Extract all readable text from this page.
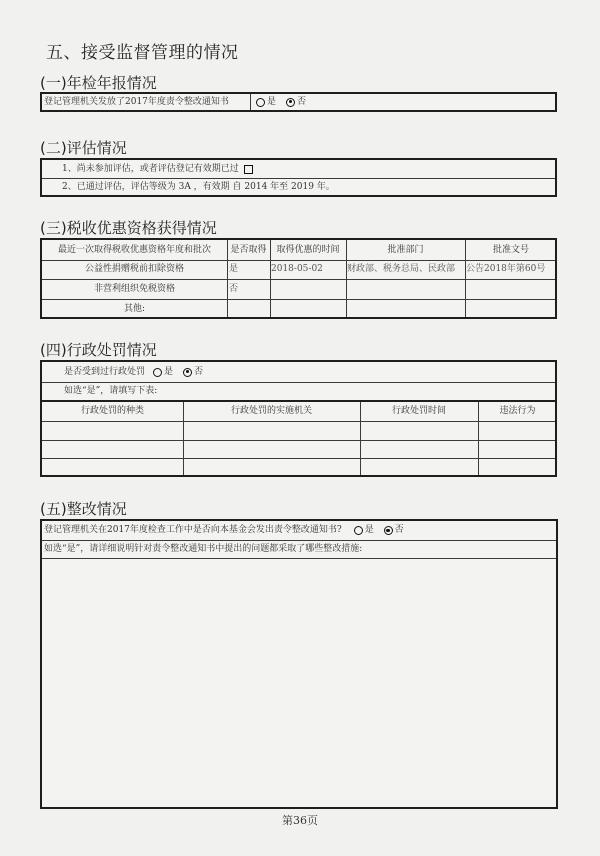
五、接受监督管理的情况
(一)年检年报情况
登记管理机关发放了2017年度责令整改通知书	是 否
(二)评估情况
1、尚未参加评估，或者评估登记有效期已过
2、已通过评估，评估等级为 3A ，有效期 自 2014 年至 2019 年。
(三)税收优惠资格获得情况
最近一次取得税收优惠资格年度和批次	是否取得	取得优惠的时间	批准部门	批准文号
公益性捐赠税前扣除资格	是	2018-05-02	财政部、税务总局、民政部	公告2018年第60号
非营利组织免税资格	否
其他:
(四)行政处罚情况
是否受到过行政处罚 是 否
如选“是”，请填写下表:
行政处罚的种类	行政处罚的实施机关	行政处罚时间	违法行为
(五)整改情况
登记管理机关在2017年度检查工作中是否向本基金会发出责令整改通知书?	是 否
如选“是”，请详细说明针对责令整改通知书中提出的问题都采取了哪些整改措施:
第36页
